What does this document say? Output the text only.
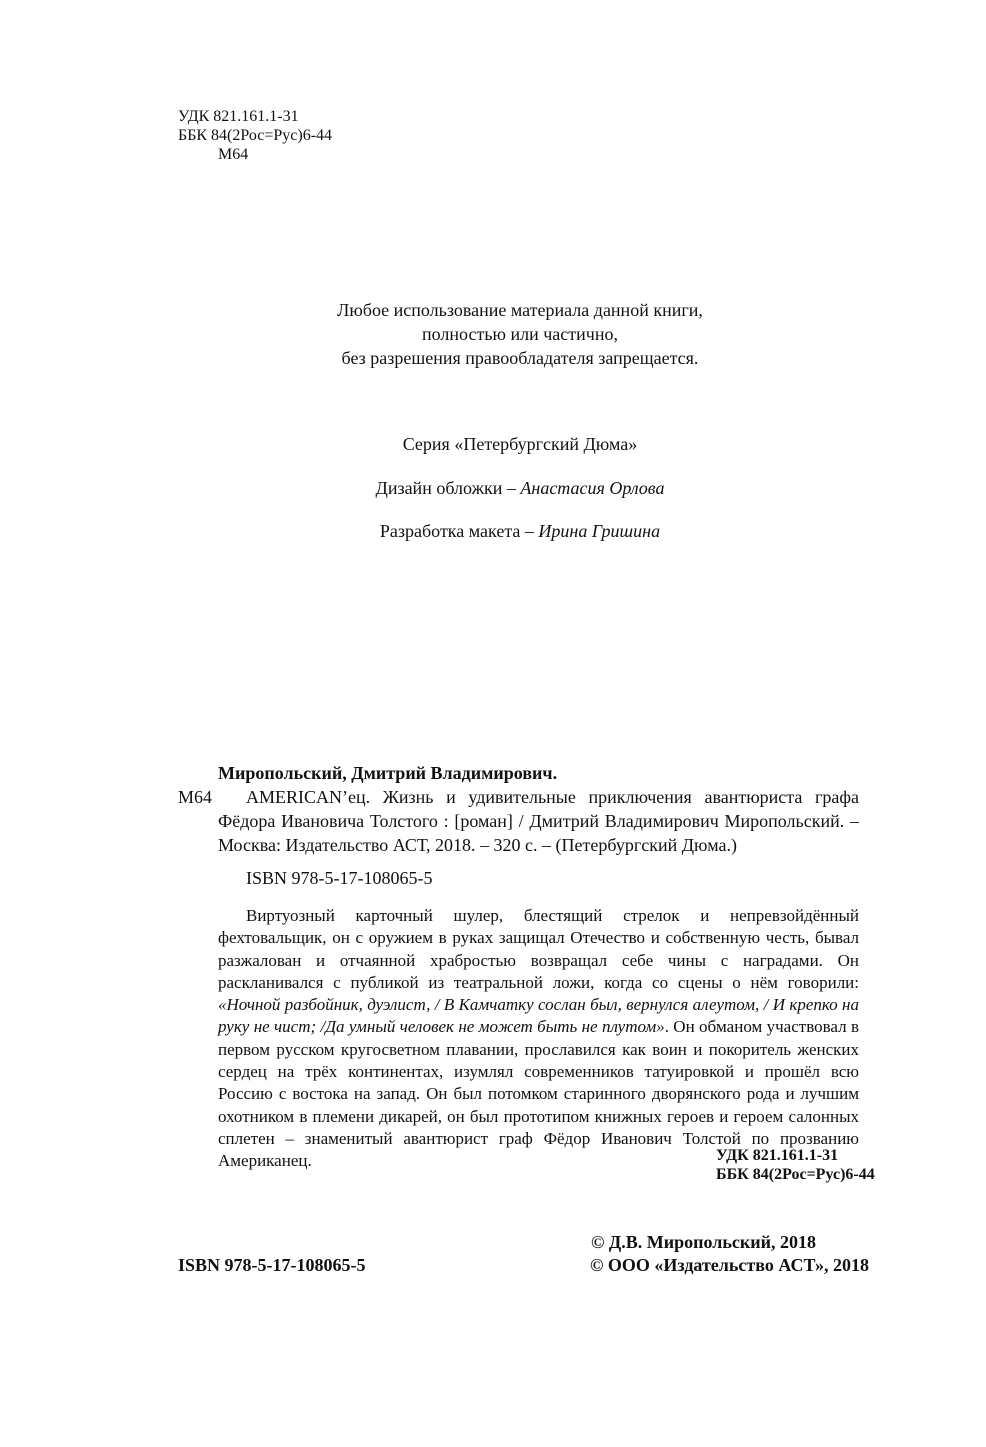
УДК 821.161.1-31
ББК 84(2Рос=Рус)6-44
М64
Любое использование материала данной книги,
полностью или частично,
без разрешения правообладателя запрещается.
Серия «Петербургский Дюма»
Дизайн обложки – Анастасия Орлова
Разработка макета – Ирина Гришина
Миропольский, Дмитрий Владимирович.
М64 AMERICAN’ец. Жизнь и удивительные приключения авантюриста графа
Фёдора Ивановича Толстого : [роман] / Дмитрий Владимирович Миропольский. – Москва: Издательство АСТ, 2018. – 320 с. – (Петербургский Дюма.)
ISBN 978-5-17-108065-5
Виртуозный карточный шулер, блестящий стрелок и непревзойдённый фехтовальщик, он с оружием в руках защищал Отечество и собственную честь, бывал разжалован и отчаянной храбростью возвращал себе чины с наградами. Он раскланивался с публикой из театральной ложи, когда со сцены о нём говорили: «Ночной разбойник, дуэлист, / В Камчатку сослан был, вернулся алеутом, / И крепко на руку не чист; /Да умный человек не может быть не плутом». Он обманом участвовал в первом русском кругосветном плавании, прославился как воин и покоритель женских сердец на трёх континентах, изумлял современников татуировкой и прошёл всю Россию с востока на запад. Он был потомком старинного дворянского рода и лучшим охотником в племени дикарей, он был прототипом книжных героев и героем салонных сплетен – знаменитый авантюрист граф Фёдор Иванович Толстой по прозванию Американец.	УДК 821.161.1-31
ББК 84(2Рос=Рус)6-44
© Д.В. Миропольский, 2018
ISBN 978-5-17-108065-5	© ООО «Издательство АСТ», 2018
